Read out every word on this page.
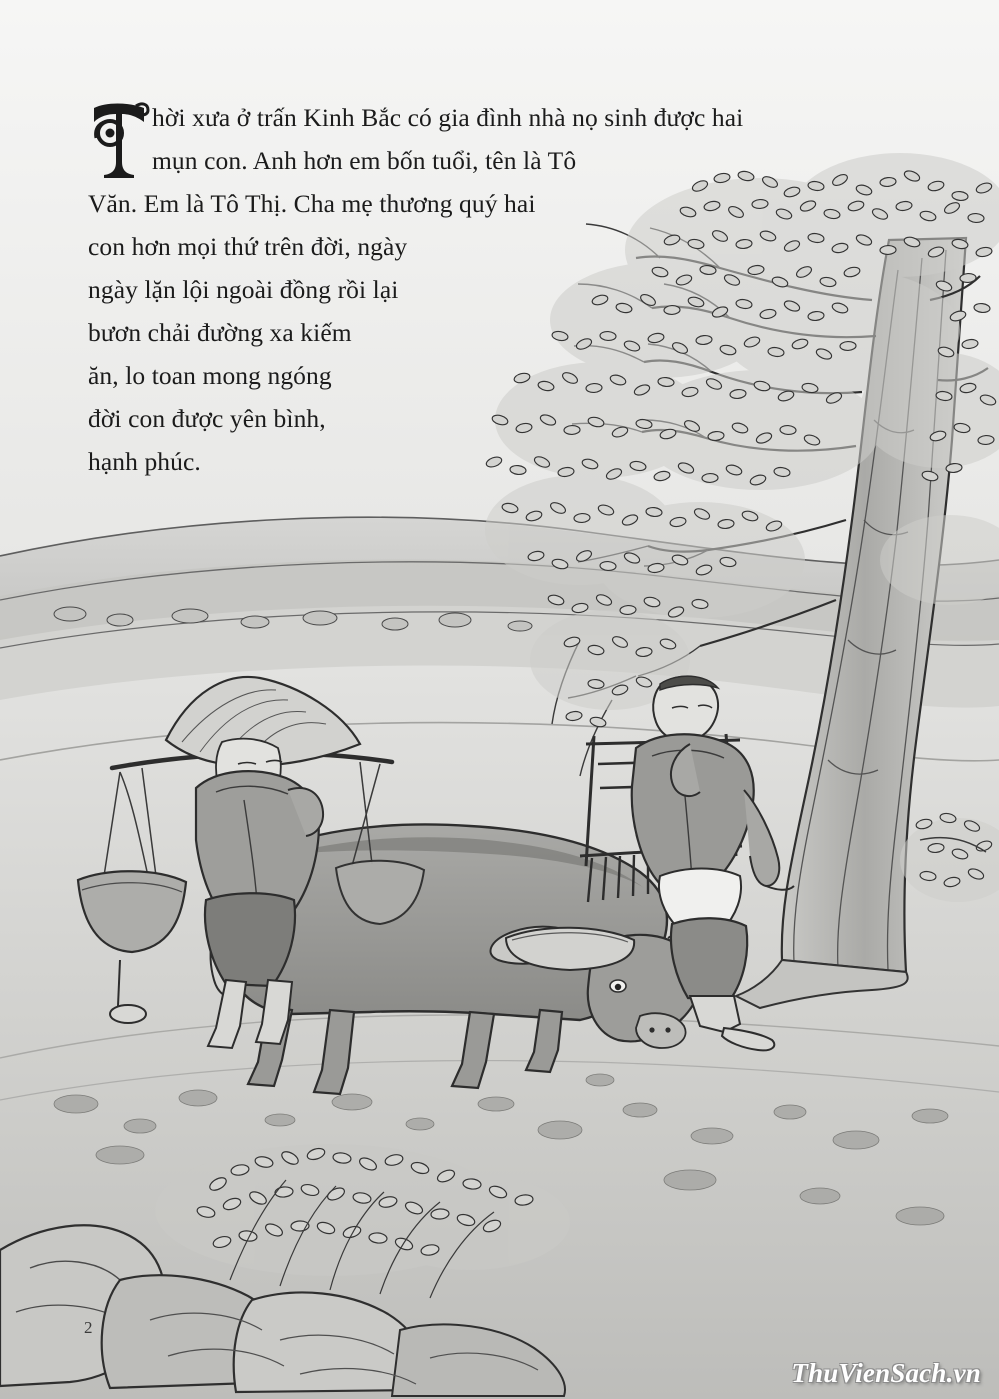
hời xưa ở trấn Kinh Bắc có gia đình nhà nọ sinh được hai
mụn con. Anh hơn em bốn tuổi, tên là Tô
Văn. Em là Tô Thị. Cha mẹ thương quý hai
con hơn mọi thứ trên đời, ngày
ngày lặn lội ngoài đồng rồi lại
bươn chải đường xa kiếm
ăn, lo toan mong ngóng
đời con được yên bình,
hạnh phúc.
2
ThuVienSach.vn
